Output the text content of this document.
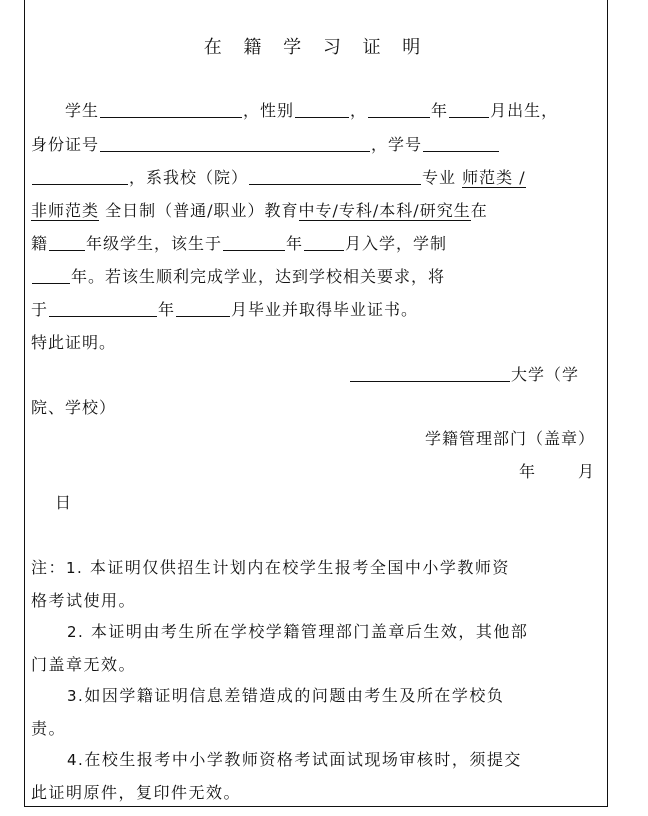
在 籍 学 习 证 明
学生	，性别	，	年	月出生，
身份证号	，学号
，系我校（院）	专业 师范类 /
非师范类 全日制（普通/职业）教育中专/专科/本科/研究生在
籍 年级学生，该生于	年	月入学，学制
年。若该生顺利完成学业，达到学校相关要求，将
于	年	月毕业并取得毕业证书。
特此证明。
大学（学
院、学校）
学籍管理部门（盖章）
年	月
日
注：1. 本证明仅供招生计划内在校学生报考全国中小学教师资
格考试使用。
2. 本证明由考生所在学校学籍管理部门盖章后生效，其他部
门盖章无效。
3.如因学籍证明信息差错造成的问题由考生及所在学校负
责。
4.在校生报考中小学教师资格考试面试现场审核时，须提交
此证明原件，复印件无效。
